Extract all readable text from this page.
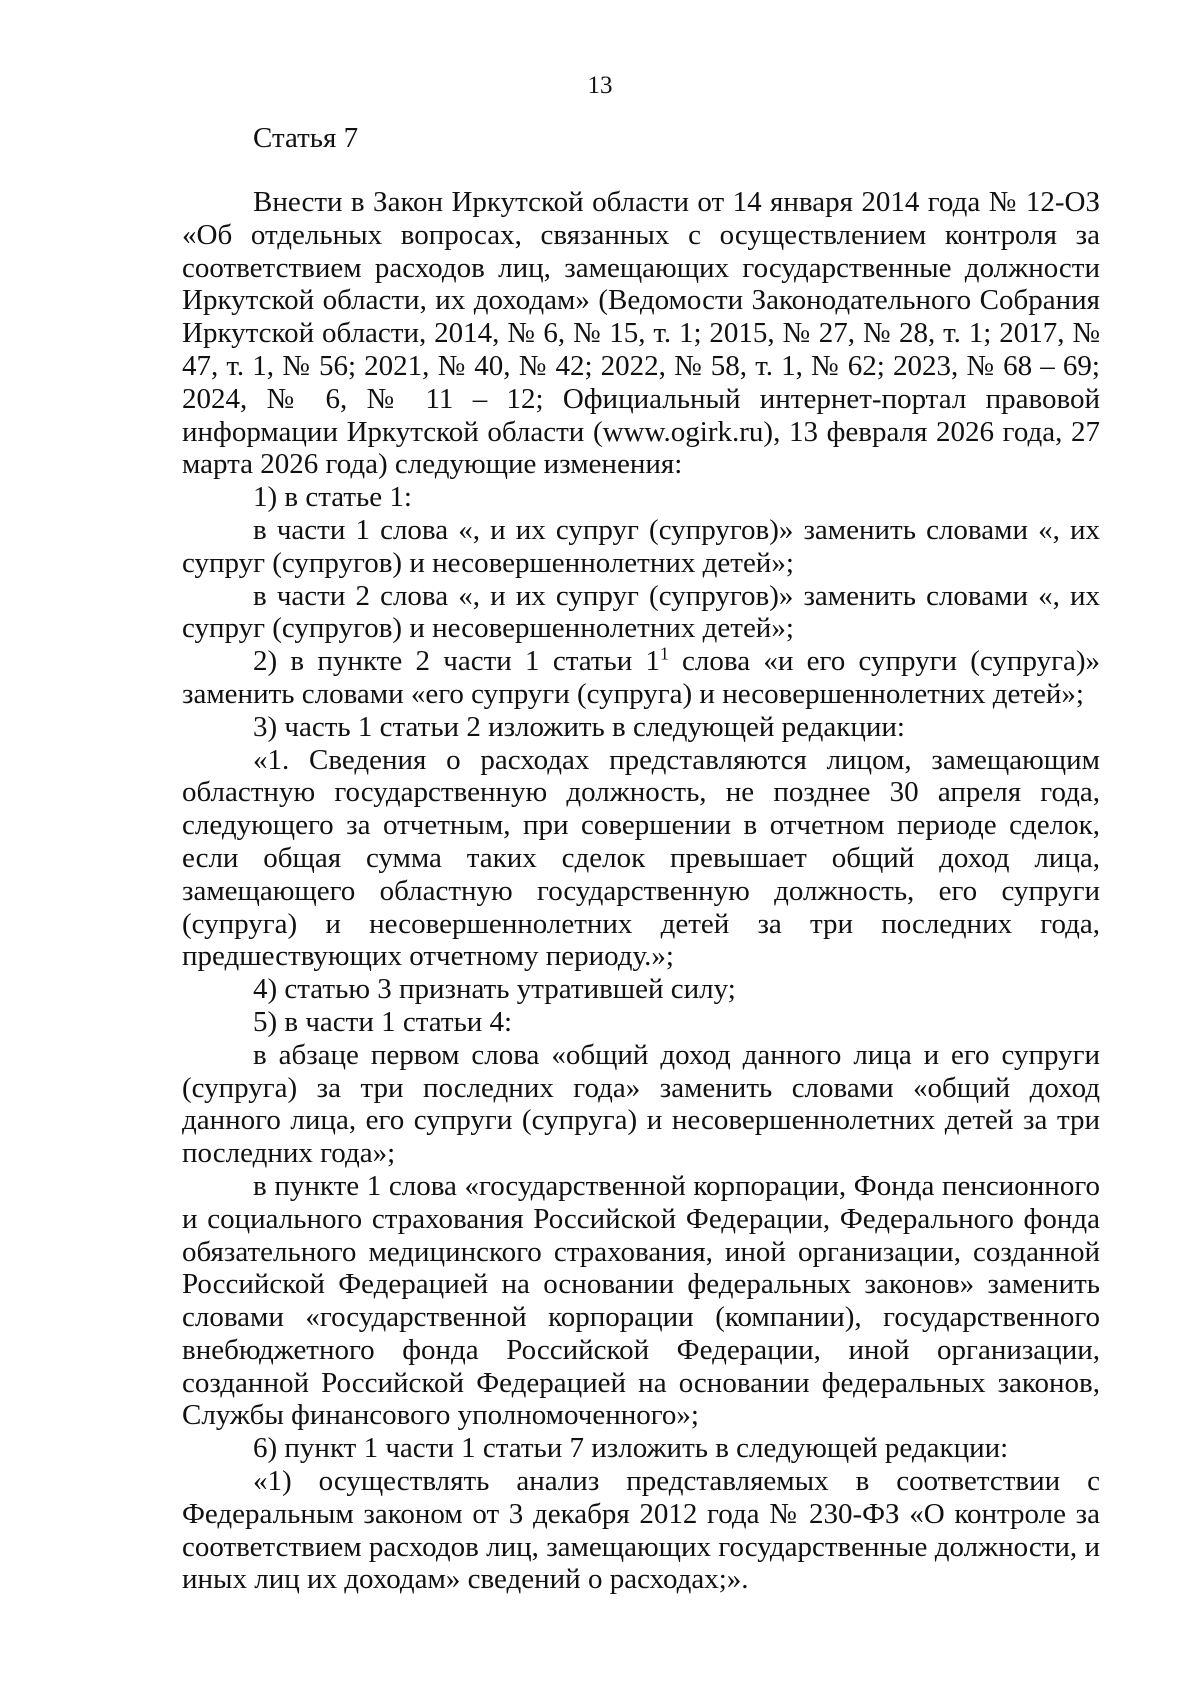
13
Статья 7

Внести в Закон Иркутской области от 14 января 2014 года № 12-ОЗ «Об отдельных вопросах, связанных с осуществлением контроля за соответствием расходов лиц, замещающих государственные должности Иркутской области, их доходам» (Ведомости Законодательного Собрания Иркутской области, 2014, № 6, № 15, т. 1; 2015, № 27, № 28, т. 1; 2017, № 47, т. 1, № 56; 2021, № 40, № 42; 2022, № 58, т. 1, № 62; 2023, № 68 – 69; 2024, № 6, № 11 – 12; Официальный интернет-портал правовой информации Иркутской области (www.ogirk.ru), 13 февраля 2026 года, 27 марта 2026 года) следующие изменения:

1) в статье 1:

в части 1 слова «, и их супруг (супругов)» заменить словами «, их супруг (супругов) и несовершеннолетних детей»;

в части 2 слова «, и их супруг (супругов)» заменить словами «, их супруг (супругов) и несовершеннолетних детей»;

2) в пункте 2 части 1 статьи $1^1$ слова «и его супруги (супруга)» заменить словами «его супруги (супруга) и несовершеннолетних детей»;

3) часть 1 статьи 2 изложить в следующей редакции:

«1. Сведения о расходах представляются лицом, замещающим областную государственную должность, не позднее 30 апреля года, следующего за отчетным, при совершении в отчетном периоде сделок, если общая сумма таких сделок превышает общий доход лица, замещающего областную государственную должность, его супруги (супруга) и несовершеннолетних детей за три последних года, предшествующих отчетному периоду.»;

4) статью 3 признать утратившей силу;

5) в части 1 статьи 4:

в абзаце первом слова «общий доход данного лица и его супруги (супруга) за три последних года» заменить словами «общий доход данного лица, его супруги (супруга) и несовершеннолетних детей за три последних года»;

в пункте 1 слова «государственной корпорации, Фонда пенсионного и социального страхования Российской Федерации, Федерального фонда обязательного медицинского страхования, иной организации, созданной Российской Федерацией на основании федеральных законов» заменить словами «государственной корпорации (компании), государственного внебюджетного фонда Российской Федерации, иной организации, созданной Российской Федерацией на основании федеральных законов, Службы финансового уполномоченного»;

6) пункт 1 части 1 статьи 7 изложить в следующей редакции:

«1) осуществлять анализ представляемых в соответствии с Федеральным законом от 3 декабря 2012 года № 230-ФЗ «О контроле за соответствием расходов лиц, замещающих государственные должности, и иных лиц их доходам» сведений о расходах;».
